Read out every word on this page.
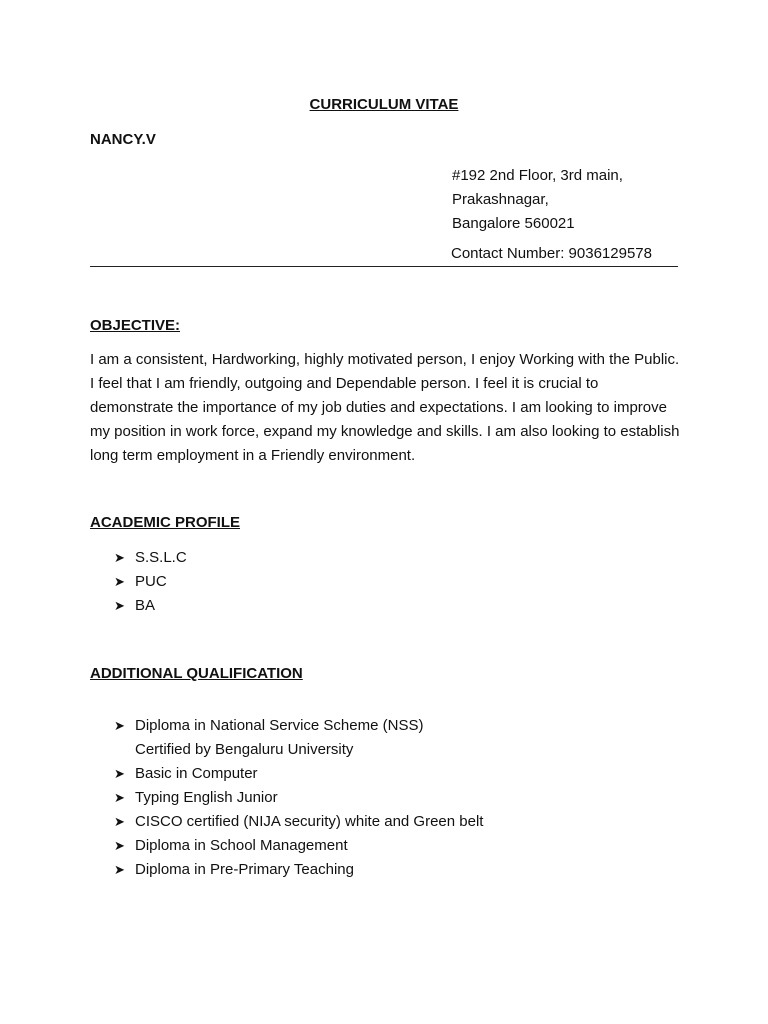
CURRICULUM VITAE
NANCY.V
#192 2nd Floor, 3rd main,
Prakashnagar,
Bangalore 560021
Contact Number: 9036129578
OBJECTIVE:
I am a consistent, Hardworking, highly motivated person, I enjoy Working with the Public. I feel that I am friendly, outgoing and Dependable person. I feel it is crucial to demonstrate the importance of my job duties and expectations. I am looking to improve my position in work force, expand my knowledge and skills. I am also looking to establish long term employment in a Friendly environment.
ACADEMIC PROFILE
➤ S.S.L.C
➤ PUC
➤ BA
ADDITIONAL QUALIFICATION
➤ Diploma in National Service Scheme (NSS)
Certified by Bengaluru University
➤ Basic in Computer
➤ Typing English Junior
➤ CISCO certified (NIJA security) white and Green belt
➤ Diploma in School Management
➤ Diploma in Pre-Primary Teaching
